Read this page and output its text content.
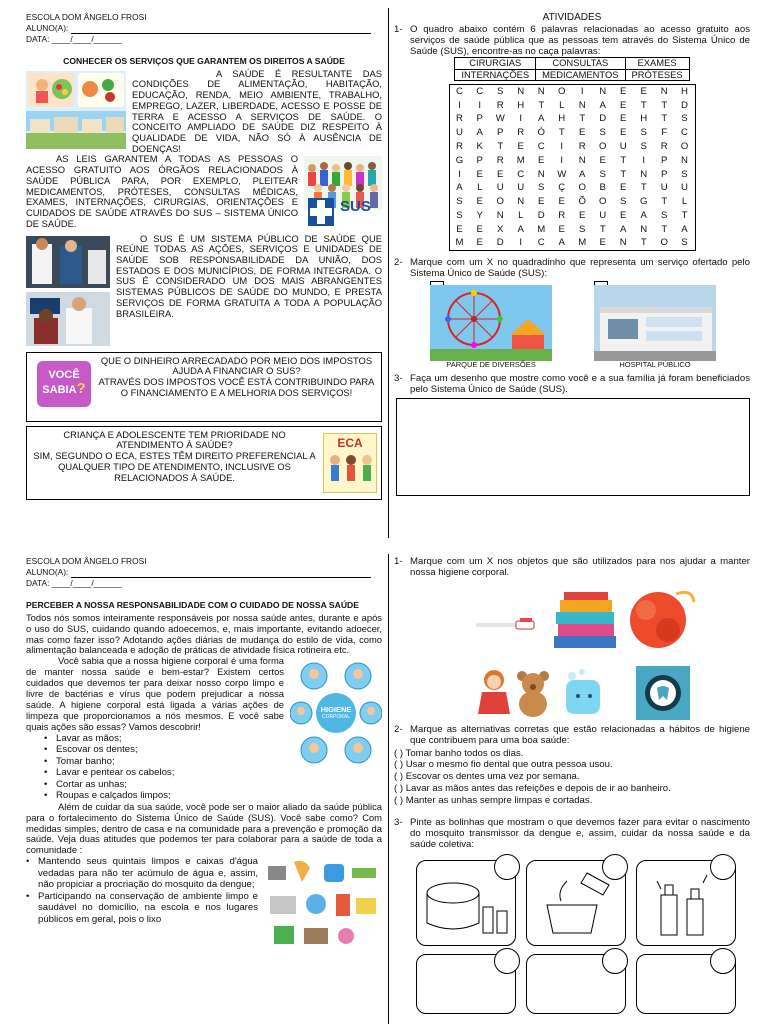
ESCOLA DOM ÂNGELO FROSI
ALUNO(A):
DATA: ____/____/______
CONHECER OS SERVIÇOS QUE GARANTEM OS DIREITOS A SAÚDE

A SAÚDE É RESULTANTE DAS CONDIÇÕES DE ALIMENTAÇÃO, HABITAÇÃO, EDUCAÇÃO, RENDA, MEIO AMBIENTE, TRABALHO, EMPREGO, LAZER, LIBERDADE, ACESSO E POSSE DE TERRA E ACESSO A SERVIÇOS DE SAÚDE. O CONCEITO AMPLIADO DE SAÚDE DIZ RESPEITO À QUALIDADE DE VIDA, NÃO SÓ À AUSÊNCIA DE DOENÇAS!

AS LEIS GARANTEM A TODAS AS PESSOAS O ACESSO GRATUITO AOS ÓRGÃOS RELACIONADOS À SAÚDE PÚBLICA PARA, POR EXEMPLO, PLEITEAR MEDICAMENTOS, PRÓTESES, CONSULTAS MÉDICAS, EXAMES, INTERNAÇÕES, CIRURGIAS, ORIENTAÇÕES E CUIDADOS DE SAÚDE ATRAVÉS DO SUS – SISTEMA ÚNICO DE SAÚDE.

SUS

O SUS É UM SISTEMA PÚBLICO DE SAÚDE QUE REÚNE TODAS AS AÇÕES, SERVIÇOS E UNIDADES DE SAÚDE SOB RESPONSABILIDADE DA UNIÃO, DOS ESTADOS E DOS MUNICÍPIOS, DE FORMA INTEGRADA. O SUS É CONSIDERADO UM DOS MAIS ABRANGENTES SISTEMAS PÚBLICOS DE SAÚDE DO MUNDO, E PRESTA SERVIÇOS DE FORMA GRATUITA A TODA A POPULAÇÃO BRASILEIRA.

VOCÊ
SABIA?
QUE O DINHEIRO ARRECADADO POR MEIO DOS IMPOSTOS AJUDA A FINANCIAR O SUS?
ATRAVÉS DOS IMPOSTOS VOCÊ ESTÁ CONTRIBUINDO PARA O FINANCIAMENTO E A MELHORIA DOS SERVIÇOS!
CRIANÇA E ADOLESCENTE TEM PRIORIDADE NO ATENDIMENTO À SAÚDE?
SIM, SEGUNDO O ECA, ESTES TÊM DIREITO PREFERENCIAL A QUALQUER TIPO DE ATENDIMENTO, INCLUSIVE OS RELACIONADOS À SAÚDE.
ECA
ATIVIDADES
1- O quadro abaixo contém 6 palavras relacionadas ao acesso gratuito aos serviços de saúde pública que as pessoas tem através do Sistema Único de Saúde (SUS), encontre-as no caça palavras:
CIRURGIAS	CONSULTAS	EXAMES
INTERNAÇÕES	MEDICAMENTOS	PRÓTESES
C	C	S	N	N	O	I	N	E	E	N	H
I	I	R	H	T	L	N	A	E	T	T	D
R	P	W	I	A	H	T	D	E	H	T	S
U	A	P	R	Ó	T	E	S	E	S	F	C
R	K	T	E	C	I	R	O	U	S	R	O
G	P	R	M	E	I	N	E	T	I	P	N
I	E	E	C	N	W	A	S	T	N	P	S
A	L	U	U	S	Ç	O	B	E	T	U	U
S	E	O	N	E	E	Õ	O	S	G	T	L
S	Y	N	L	D	R	E	U	E	A	S	T
E	E	X	A	M	E	S	T	A	N	T	A
M	E	D	I	C	A	M	E	N	T	O	S
2- Marque com um X no quadradinho que representa um serviço ofertado pelo Sistema Único de Saúde (SUS):
PARQUE DE DIVERSÕES	HOSPITAL PÚBLICO
3- Faça um desenho que mostre como você e a sua família já foram beneficiados pelo Sistema Único de Saúde (SUS).
ESCOLA DOM ÂNGELO FROSI
ALUNO(A):
DATA: ____/____/______
PERCEBER A NOSSA RESPONSABILIDADE COM O CUIDADO DE NOSSA SAÚDE

Todos nós somos inteiramente responsáveis por nossa saúde antes, durante e após o uso do SUS, cuidando quando adoecemos, e, mais importante, evitando adoecer, mas como fazer isso? Adotando ações diárias de mudança do estilo de vida, como alimentação balanceada e adoção de práticas de atividade física rotineira etc.

HIGIENE
CORPORAL

Você sabia que a nossa higiene corporal é uma forma de manter nossa saúde e bem-estar? Existem certos cuidados que devemos ter para deixar nosso corpo limpo e livre de bactérias e vírus que podem prejudicar a nossa saúde. A higiene corporal está ligada a várias ações de limpeza que proporcionamos a nós mesmos. E você sabe quais ações são essas? Vamos descobrir!

• Lavar as mãos;
• Escovar os dentes;
• Tomar banho;
• Lavar e pentear os cabelos;
• Cortar as unhas;
• Roupas e calçados limpos;

Além de cuidar da sua saúde, você pode ser o maior aliado da saúde pública para o fortalecimento do Sistema Único de Saúde (SUS). Você sabe como? Com medidas simples, dentro de casa e na comunidade para a prevenção e promoção da saúde. Veja duas atitudes que podemos ter para colaborar para a saúde de toda a comunidade :

• Mantendo seus quintais limpos e caixas d'água vedadas para não ter acúmulo de água e, assim, não propiciar a procriação do mosquito da dengue;
• Participando na conservação de ambiente limpo e saudável no domicílio, na escola e nos lugares públicos em geral, pois o lixo
1- Marque com um X nos objetos que são utilizados para nos ajudar a manter nossa higiene corporal.
2- Marque as alternativas corretas que estão relacionadas a hábitos de higiene que contribuem para uma boa saúde:
( ) Tomar banho todos os dias.
( ) Usar o mesmo fio dental que outra pessoa usou.
( ) Escovar os dentes uma vez por semana.
( ) Lavar as mãos antes das refeições e depois de ir ao banheiro.
( ) Manter as unhas sempre limpas e cortadas.
3- Pinte as bolinhas que mostram o que devemos fazer para evitar o nascimento do mosquito transmissor da dengue e, assim, cuidar da nossa saúde e da saúde coletiva:
